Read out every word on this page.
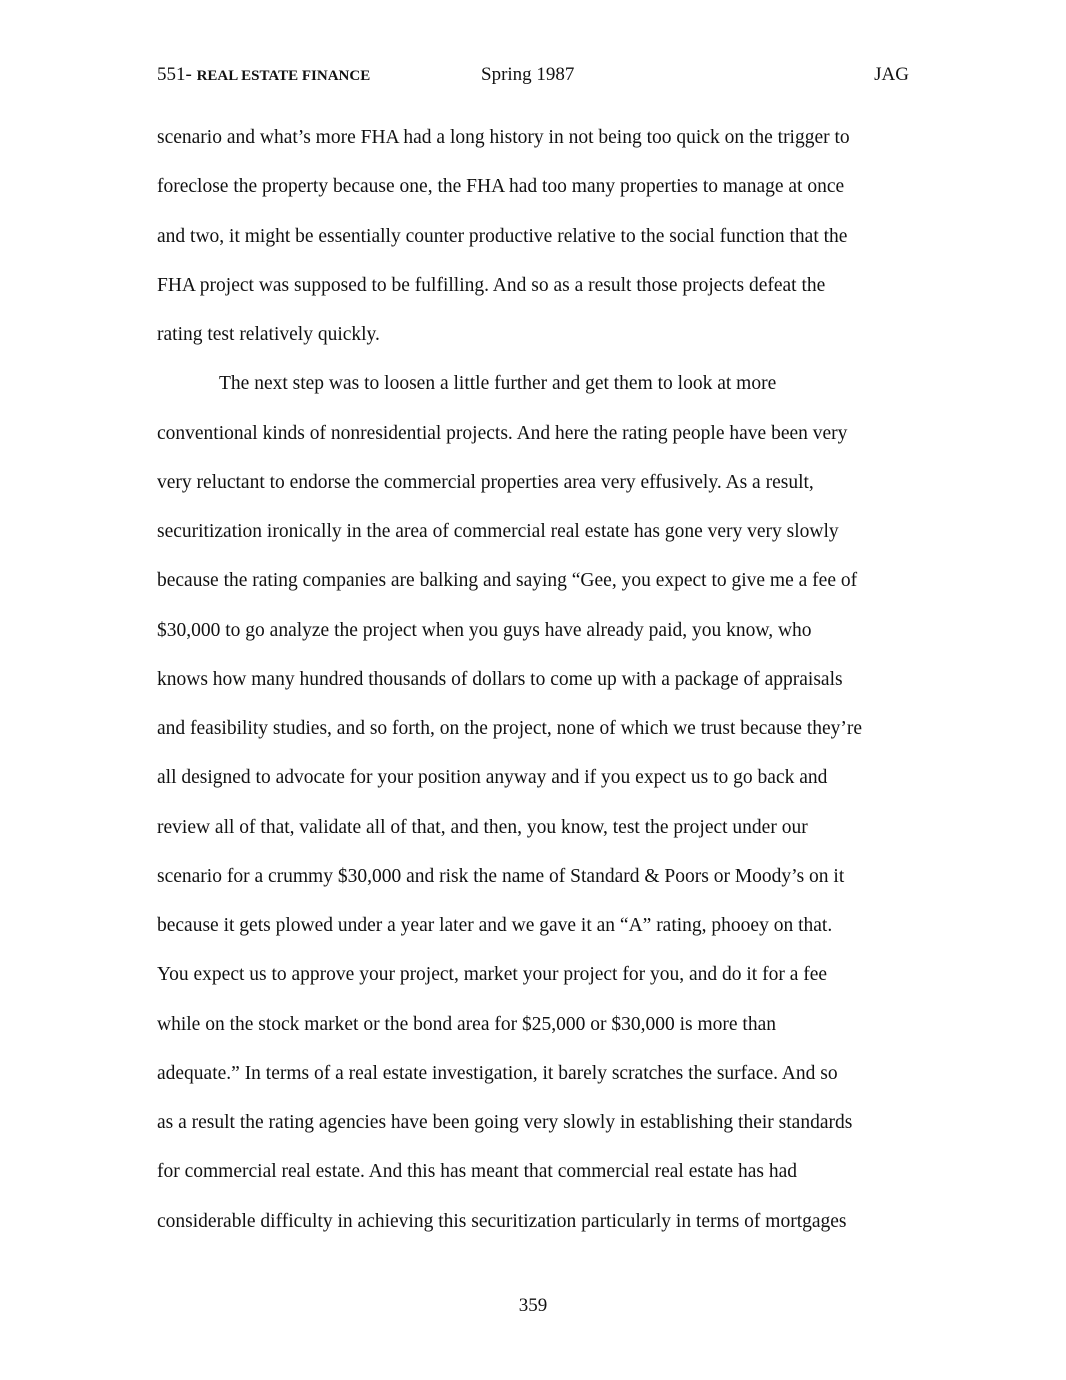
551- REAL ESTATE FINANCE	Spring 1987	JAG
scenario and what’s more FHA had a long history in not being too quick on the trigger to
foreclose the property because one, the FHA had too many properties to manage at once
and two, it might be essentially counter productive relative to the social function that the
FHA project was supposed to be fulfilling. And so as a result those projects defeat the
rating test relatively quickly.
The next step was to loosen a little further and get them to look at more
conventional kinds of nonresidential projects. And here the rating people have been very
very reluctant to endorse the commercial properties area very effusively. As a result,
securitization ironically in the area of commercial real estate has gone very very slowly
because the rating companies are balking and saying “Gee, you expect to give me a fee of
$30,000 to go analyze the project when you guys have already paid, you know, who
knows how many hundred thousands of dollars to come up with a package of appraisals
and feasibility studies, and so forth, on the project, none of which we trust because they’re
all designed to advocate for your position anyway and if you expect us to go back and
review all of that, validate all of that, and then, you know, test the project under our
scenario for a crummy $30,000 and risk the name of Standard & Poors or Moody’s on it
because it gets plowed under a year later and we gave it an “A” rating, phooey on that.
You expect us to approve your project, market your project for you, and do it for a fee
while on the stock market or the bond area for $25,000 or $30,000 is more than
adequate.” In terms of a real estate investigation, it barely scratches the surface. And so
as a result the rating agencies have been going very slowly in establishing their standards
for commercial real estate. And this has meant that commercial real estate has had
considerable difficulty in achieving this securitization particularly in terms of mortgages
359
